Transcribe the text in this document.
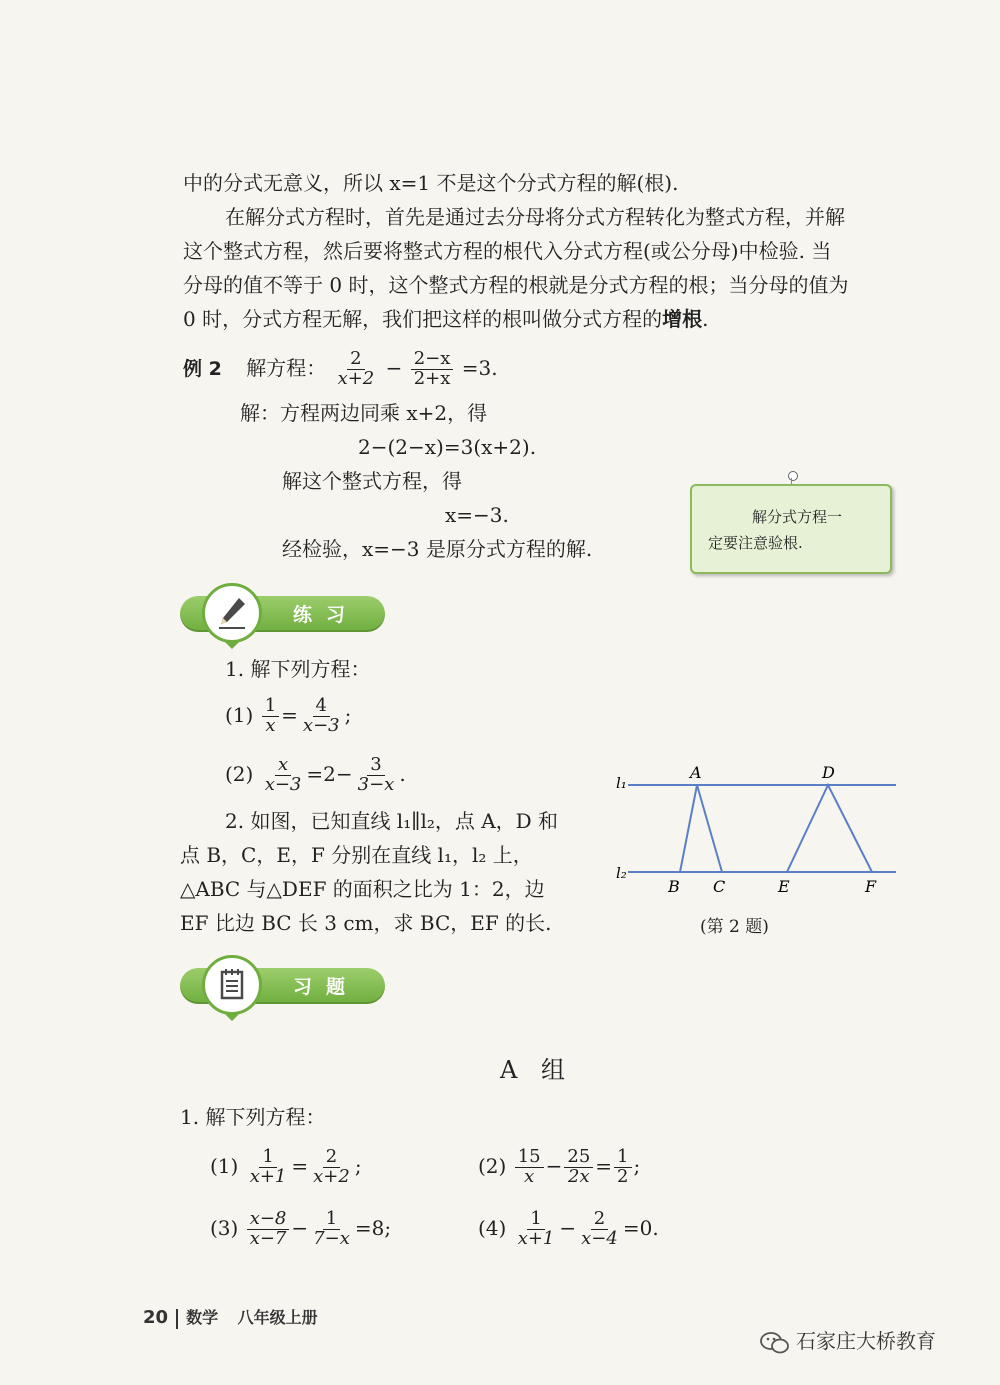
中的分式无意义，所以 x=1 不是这个分式方程的解(根).
在解分式方程时，首先是通过去分母将分式方程转化为整式方程，并解
这个整式方程，然后要将整式方程的根代入分式方程(或公分母)中检验. 当
分母的值不等于 0 时，这个整式方程的根就是分式方程的根；当分母的值为
0 时，分式方程无解，我们把这样的根叫做分式方程的增根.
例 2 解方程： $\frac{2}{x+2} - \frac{2-x}{2+x} =3$.
解：方程两边同乘 x+2，得
2−(2−x)=3(x+2).
解这个整式方程，得
x=−3.
经检验，x=−3 是原分式方程的解.
解分式方程一
定要注意验根.
练习
1. 解下列方程：
$(1) \frac{1}{x} = \frac{4}{x-3}$ ;
$(2) \frac{x}{x-3} =2- \frac{3}{3-x}$ .
2. 如图，已知直线 l₁∥l₂，点 A，D 和
点 B，C，E，F 分别在直线 l₁，l₂ 上，
△ABC 与△DEF 的面积之比为 1：2，边
EF 比边 BC 长 3 cm，求 BC，EF 的长.
l₁
l₂
A
B C
D
E	F
(第 2 题)
习题
A 组
1. 解下列方程：
$(1) \frac{1}{x+1} = \frac{2}{x+2}$ ;	$(2) \frac{15}{x} - \frac{25}{2x} = \frac{1}{2}$ ;
$(3) \frac{x-8}{x-7} - \frac{1}{7-x} =8$;	$(4) \frac{1}{x+1} - \frac{2}{x-4} =0$.
20 数学 八年级上册
石家庄大桥教育
